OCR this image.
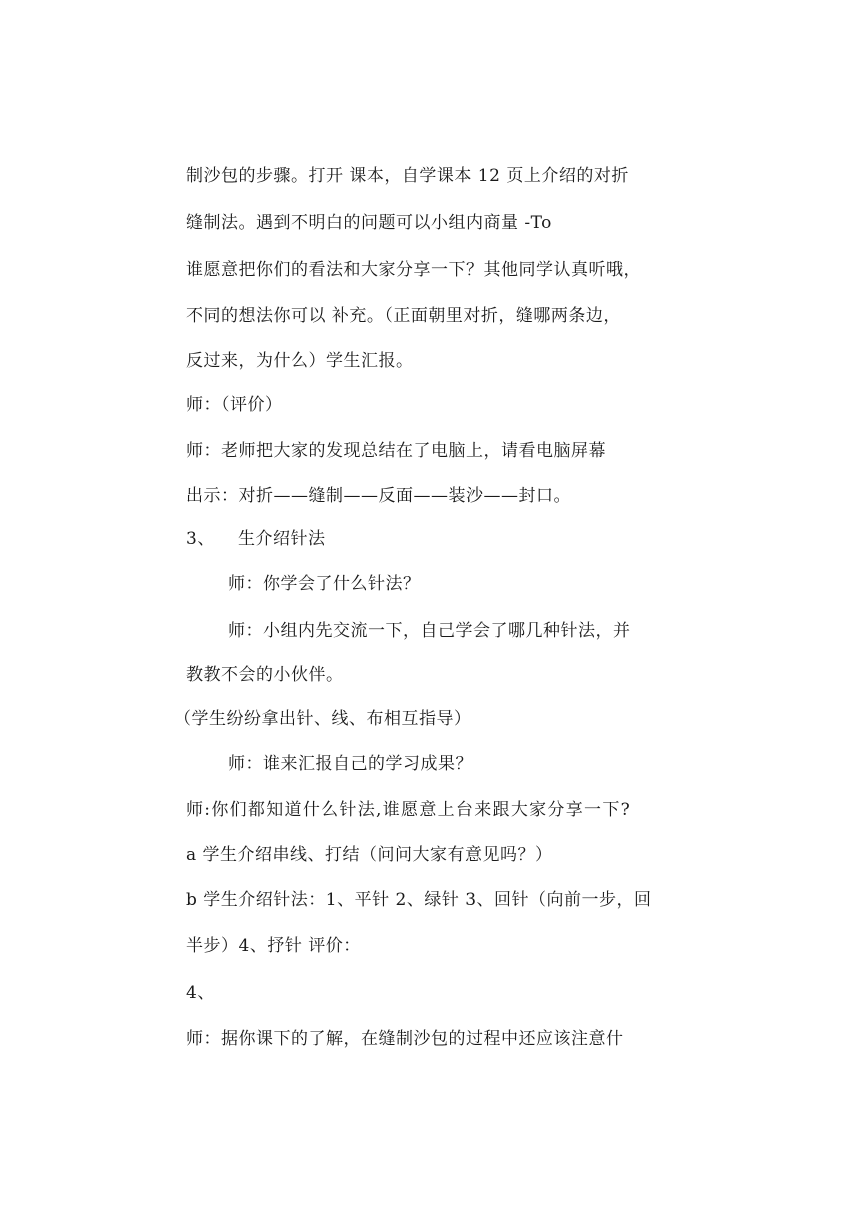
制沙包的步骤。打开 课本，自学课本 12 页上介绍的对折
缝制法。遇到不明白的问题可以小组内商量 -To
谁愿意把你们的看法和大家分享一下？其他同学认真听哦，
不同的想法你可以 补充。（正面朝里对折，缝哪两条边，
反过来，为什么）学生汇报。
师：（评价）
师：老师把大家的发现总结在了电脑上，请看电脑屏幕
出示：对折——缝制——反面——装沙——封口。
3、 生介绍针法
师：你学会了什么针法？
师：小组内先交流一下，自己学会了哪几种针法，并
教教不会的小伙伴。
（学生纷纷拿出针、线、布相互指导）
师：谁来汇报自己的学习成果？
师:你们都知道什么针法,谁愿意上台来跟大家分享一下?
a 学生介绍串线、打结（问问大家有意见吗？）
b 学生介绍针法：1、平针 2、绿针 3、回针（向前一步，回
半步）4、抒针 评价：
4、
师：据你课下的了解，在缝制沙包的过程中还应该注意什
